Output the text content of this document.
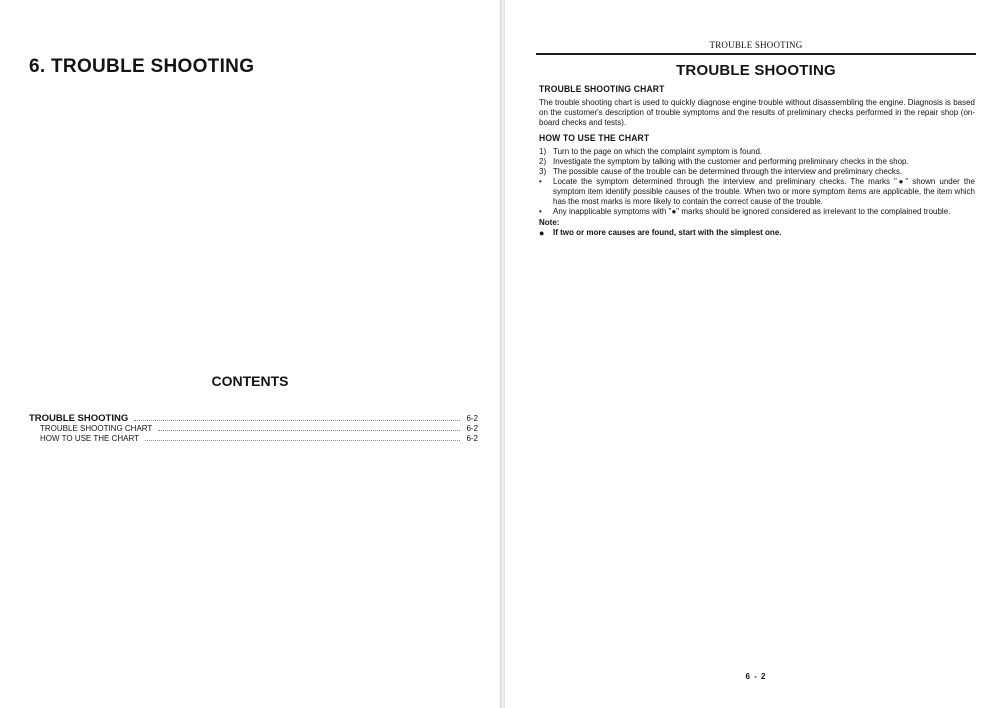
6. TROUBLE SHOOTING
CONTENTS
TROUBLE SHOOTING	6-2
TROUBLE SHOOTING CHART	6-2
HOW TO USE THE CHART	6-2

TROUBLE SHOOTING

TROUBLE SHOOTING
TROUBLE SHOOTING CHART

The trouble shooting chart is used to quickly diagnose engine trouble without disassembling the engine. Diagnosis is based on the customer's description of trouble symptoms and the results of preliminary checks performed in the repair shop (on-board checks and tests).

HOW TO USE THE CHART
1) Turn to the page on which the complaint symptom is found.
2) Investigate the symptom by talking with the customer and performing preliminary checks in the shop.
3) The possible cause of the trouble can be determined through the interview and preliminary checks.
• Locate the symptom determined through the interview and preliminary checks. The marks "●" shown under the symptom item identify possible causes of the trouble. When two or more symptom items are applicable, the item which has the most marks is more likely to contain the correct cause of the trouble.
• Any inapplicable symptoms with "●" marks should be ignored considered as irrelevant to the complained trouble.
Note:
● If two or more causes are found, start with the simplest one.

6 - 2
